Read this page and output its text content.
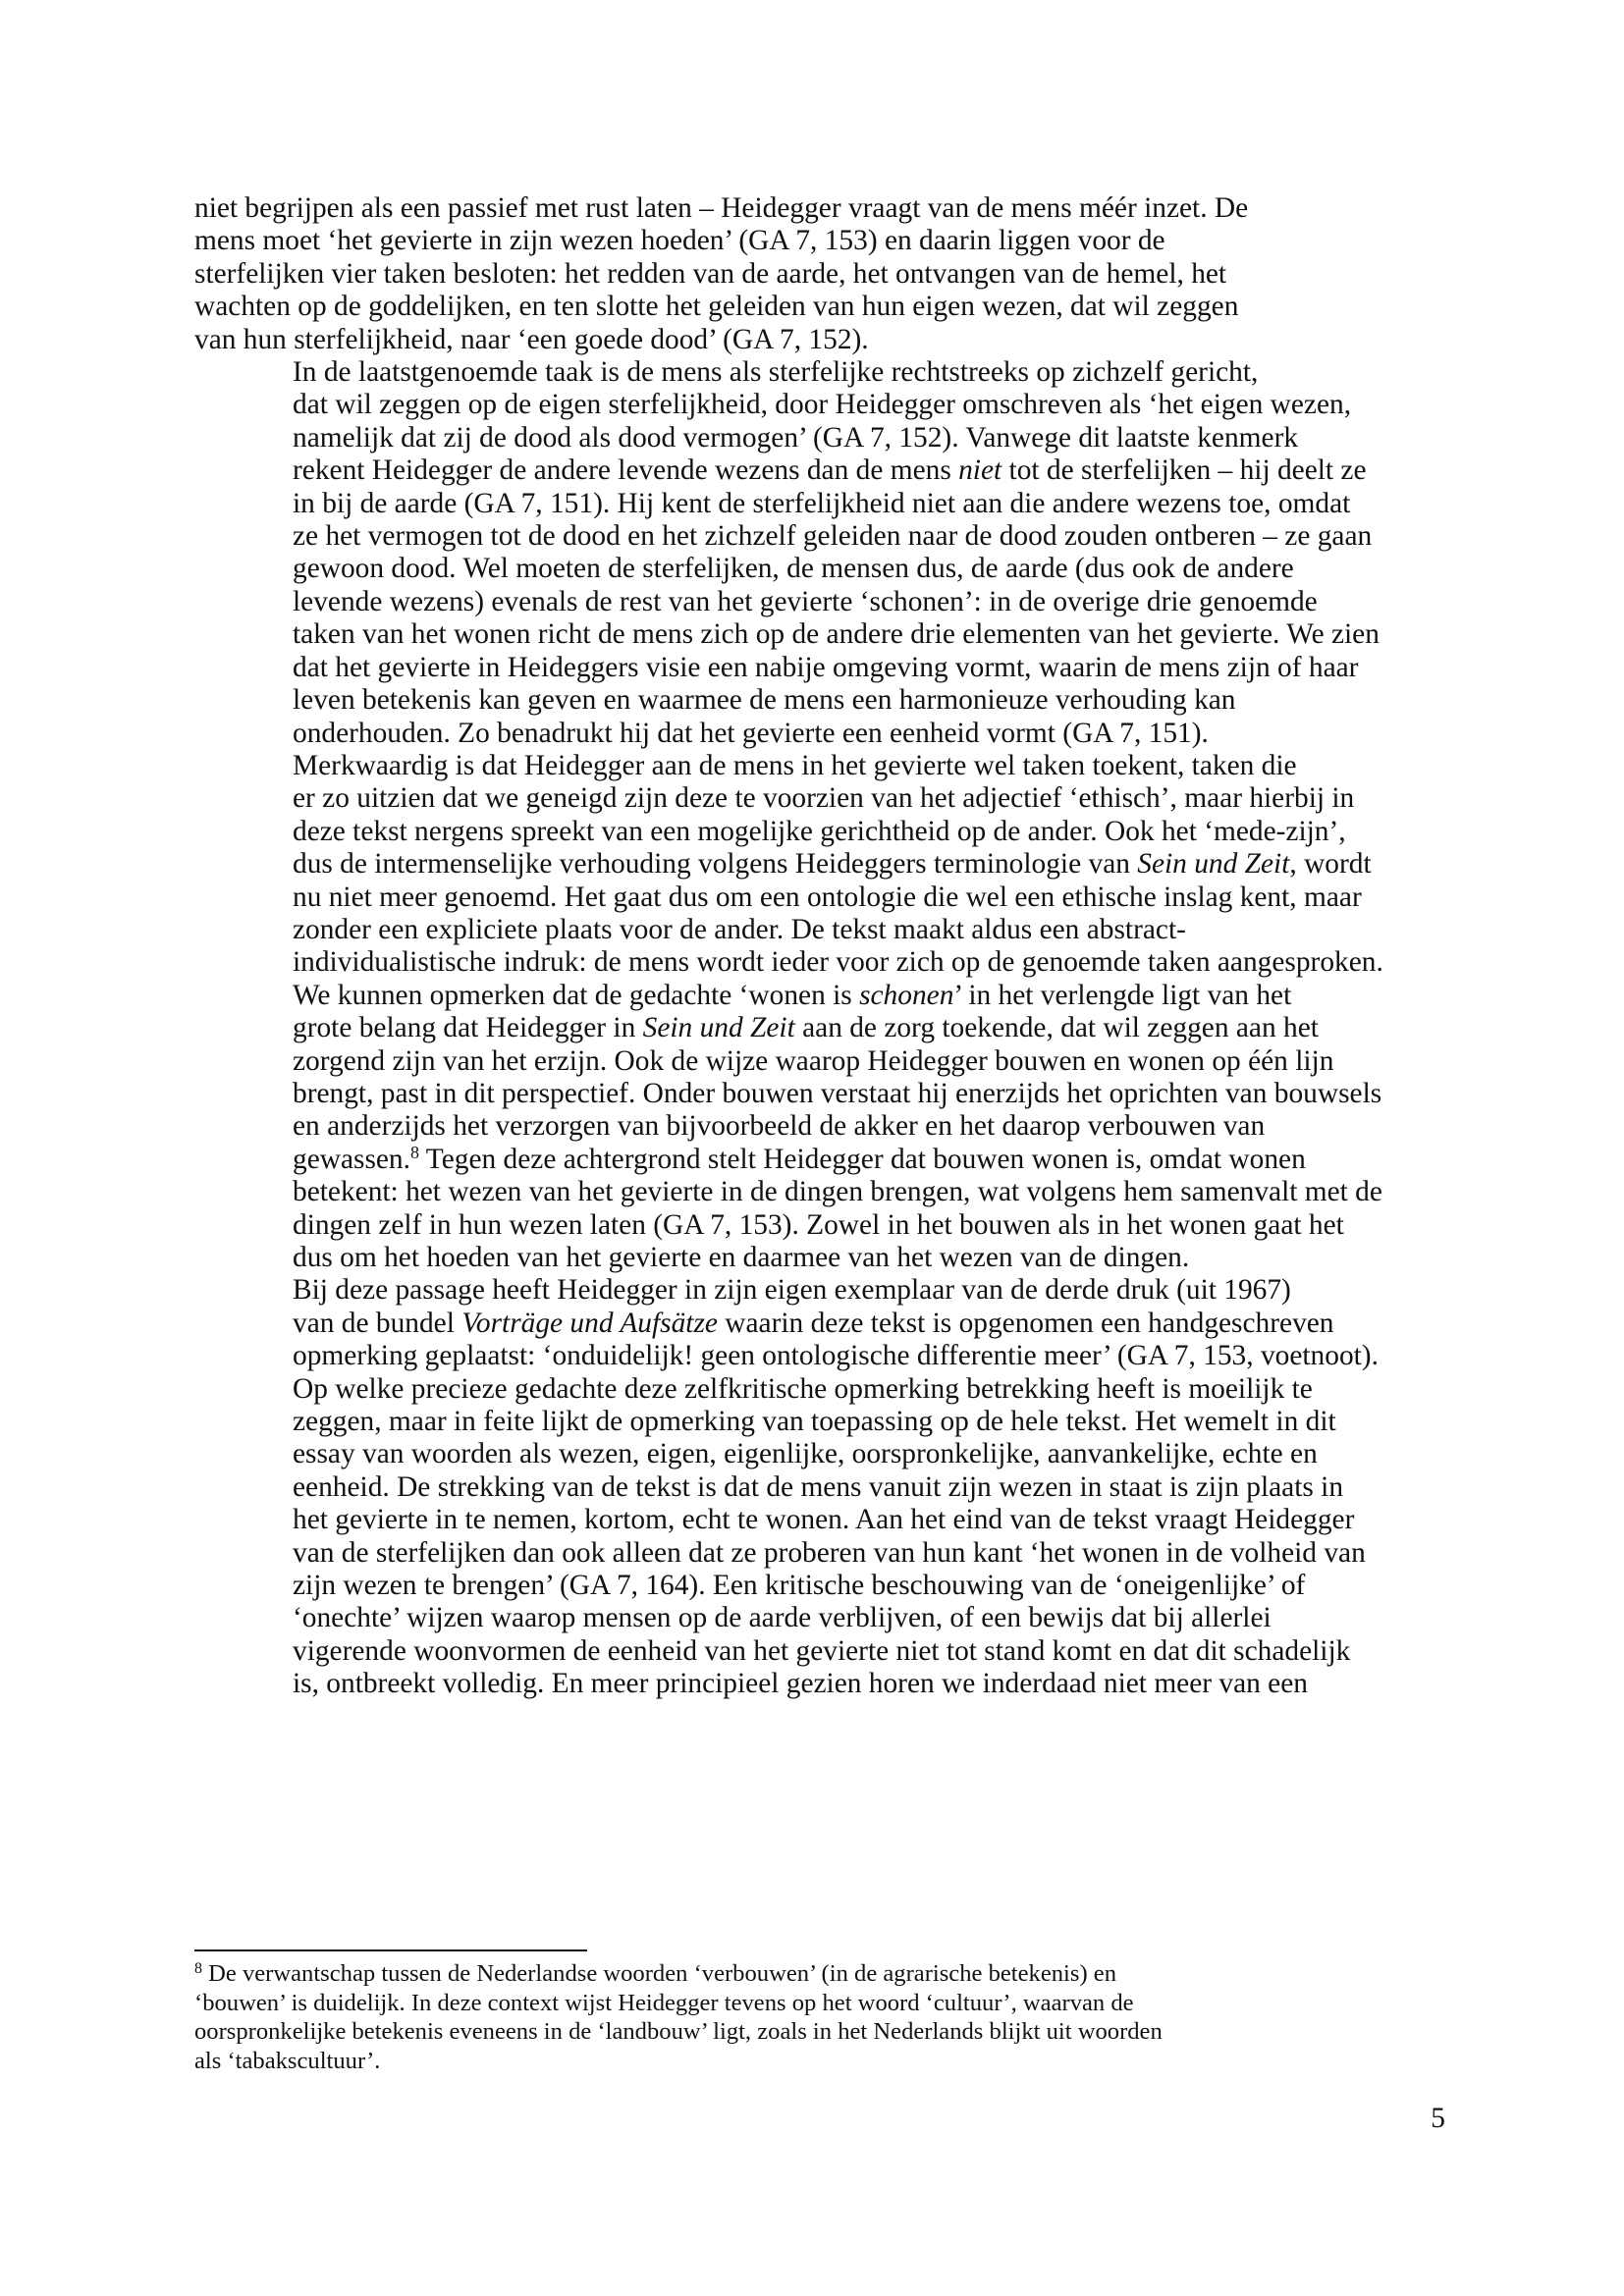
niet begrijpen als een passief met rust laten – Heidegger vraagt van de mens méér inzet. De
mens moet ‘het gevierte in zijn wezen hoeden’ (GA 7, 153) en daarin liggen voor de
sterfelijken vier taken besloten: het redden van de aarde, het ontvangen van de hemel, het
wachten op de goddelijken, en ten slotte het geleiden van hun eigen wezen, dat wil zeggen
van hun sterfelijkheid, naar ‘een goede dood’ (GA 7, 152).

In de laatstgenoemde taak is de mens als sterfelijke rechtstreeks op zichzelf gericht,
dat wil zeggen op de eigen sterfelijkheid, door Heidegger omschreven als ‘het eigen wezen,
namelijk dat zij de dood als dood vermogen’ (GA 7, 152). Vanwege dit laatste kenmerk
rekent Heidegger de andere levende wezens dan de mens niet tot de sterfelijken – hij deelt ze
in bij de aarde (GA 7, 151). Hij kent de sterfelijkheid niet aan die andere wezens toe, omdat
ze het vermogen tot de dood en het zichzelf geleiden naar de dood zouden ontberen – ze gaan
gewoon dood. Wel moeten de sterfelijken, de mensen dus, de aarde (dus ook de andere
levende wezens) evenals de rest van het gevierte ‘schonen’: in de overige drie genoemde
taken van het wonen richt de mens zich op de andere drie elementen van het gevierte. We zien
dat het gevierte in Heideggers visie een nabije omgeving vormt, waarin de mens zijn of haar
leven betekenis kan geven en waarmee de mens een harmonieuze verhouding kan
onderhouden. Zo benadrukt hij dat het gevierte een eenheid vormt (GA 7, 151).

Merkwaardig is dat Heidegger aan de mens in het gevierte wel taken toekent, taken die
er zo uitzien dat we geneigd zijn deze te voorzien van het adjectief ‘ethisch’, maar hierbij in
deze tekst nergens spreekt van een mogelijke gerichtheid op de ander. Ook het ‘mede-zijn’,
dus de intermenselijke verhouding volgens Heideggers terminologie van Sein und Zeit, wordt
nu niet meer genoemd. Het gaat dus om een ontologie die wel een ethische inslag kent, maar
zonder een expliciete plaats voor de ander. De tekst maakt aldus een abstract-
individualistische indruk: de mens wordt ieder voor zich op de genoemde taken aangesproken.

We kunnen opmerken dat de gedachte ‘wonen is schonen’ in het verlengde ligt van het
grote belang dat Heidegger in Sein und Zeit aan de zorg toekende, dat wil zeggen aan het
zorgend zijn van het erzijn. Ook de wijze waarop Heidegger bouwen en wonen op één lijn
brengt, past in dit perspectief. Onder bouwen verstaat hij enerzijds het oprichten van bouwsels
en anderzijds het verzorgen van bijvoorbeeld de akker en het daarop verbouwen van
gewassen.$^8$ Tegen deze achtergrond stelt Heidegger dat bouwen wonen is, omdat wonen
betekent: het wezen van het gevierte in de dingen brengen, wat volgens hem samenvalt met de
dingen zelf in hun wezen laten (GA 7, 153). Zowel in het bouwen als in het wonen gaat het
dus om het hoeden van het gevierte en daarmee van het wezen van de dingen.

Bij deze passage heeft Heidegger in zijn eigen exemplaar van de derde druk (uit 1967)
van de bundel Vorträge und Aufsätze waarin deze tekst is opgenomen een handgeschreven
opmerking geplaatst: ‘onduidelijk! geen ontologische differentie meer’ (GA 7, 153, voetnoot).
Op welke precieze gedachte deze zelfkritische opmerking betrekking heeft is moeilijk te
zeggen, maar in feite lijkt de opmerking van toepassing op de hele tekst. Het wemelt in dit
essay van woorden als wezen, eigen, eigenlijke, oorspronkelijke, aanvankelijke, echte en
eenheid. De strekking van de tekst is dat de mens vanuit zijn wezen in staat is zijn plaats in
het gevierte in te nemen, kortom, echt te wonen. Aan het eind van de tekst vraagt Heidegger
van de sterfelijken dan ook alleen dat ze proberen van hun kant ‘het wonen in de volheid van
zijn wezen te brengen’ (GA 7, 164). Een kritische beschouwing van de ‘oneigenlijke’ of
‘onechte’ wijzen waarop mensen op de aarde verblijven, of een bewijs dat bij allerlei
vigerende woonvormen de eenheid van het gevierte niet tot stand komt en dat dit schadelijk
is, ontbreekt volledig. En meer principieel gezien horen we inderdaad niet meer van een

$^8$ De verwantschap tussen de Nederlandse woorden ‘verbouwen’ (in de agrarische betekenis) en
‘bouwen’ is duidelijk. In deze context wijst Heidegger tevens op het woord ‘cultuur’, waarvan de
oorspronkelijke betekenis eveneens in de ‘landbouw’ ligt, zoals in het Nederlands blijkt uit woorden
als ‘tabakscultuur’.
5
